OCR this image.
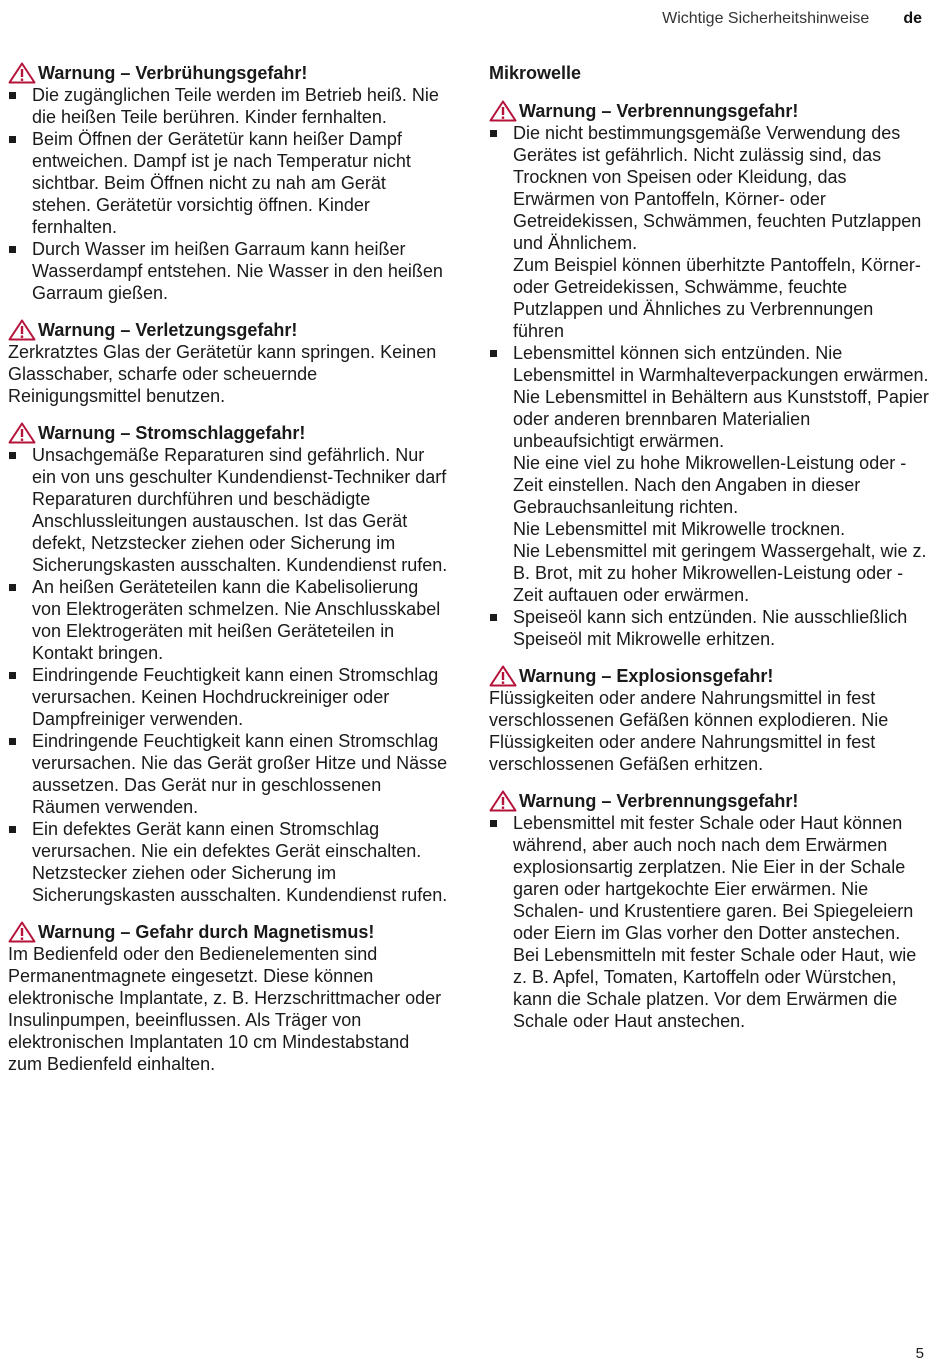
Wichtige Sicherheitshinweise de
Warnung – Verbrühungsgefahr!
Die zugänglichen Teile werden im Betrieb heiß. Nie die heißen Teile berühren. Kinder fernhalten.
Beim Öffnen der Gerätetür kann heißer Dampf entweichen. Dampf ist je nach Temperatur nicht sichtbar. Beim Öffnen nicht zu nah am Gerät stehen. Gerätetür vorsichtig öffnen. Kinder fernhalten.
Durch Wasser im heißen Garraum kann heißer Wasserdampf entstehen. Nie Wasser in den heißen Garraum gießen.
Warnung – Verletzungsgefahr!

Zerkratztes Glas der Gerätetür kann springen. Keinen Glasschaber, scharfe oder scheuernde Reinigungsmittel benutzen.

Warnung – Stromschlaggefahr!
Unsachgemäße Reparaturen sind gefährlich. Nur ein von uns geschulter Kundendienst-Techniker darf Reparaturen durchführen und beschädigte Anschlussleitungen austauschen. Ist das Gerät defekt, Netzstecker ziehen oder Sicherung im Sicherungskasten ausschalten. Kundendienst rufen.
An heißen Geräteteilen kann die Kabelisolierung von Elektrogeräten schmelzen. Nie Anschlusskabel von Elektrogeräten mit heißen Geräteteilen in Kontakt bringen.
Eindringende Feuchtigkeit kann einen Stromschlag verursachen. Keinen Hochdruckreiniger oder Dampfreiniger verwenden.
Eindringende Feuchtigkeit kann einen Stromschlag verursachen. Nie das Gerät großer Hitze und Nässe aussetzen. Das Gerät nur in geschlossenen Räumen verwenden.
Ein defektes Gerät kann einen Stromschlag verursachen. Nie ein defektes Gerät einschalten. Netzstecker ziehen oder Sicherung im Sicherungskasten ausschalten. Kundendienst rufen.
Warnung – Gefahr durch Magnetismus!

Im Bedienfeld oder den Bedienelementen sind Permanentmagnete eingesetzt. Diese können elektronische Implantate, z. B. Herzschrittmacher oder Insulinpumpen, beeinflussen. Als Träger von elektronischen Implantaten 10 cm Mindestabstand zum Bedienfeld einhalten.

Mikrowelle
Warnung – Verbrennungsgefahr!
Die nicht bestimmungsgemäße Verwendung des Gerätes ist gefährlich. Nicht zulässig sind, das Trocknen von Speisen oder Kleidung, das Erwärmen von Pantoffeln, Körner- oder Getreidekissen, Schwämmen, feuchten Putzlappen und Ähnlichem.
Zum Beispiel können überhitzte Pantoffeln, Körner- oder Getreidekissen, Schwämme, feuchte Putzlappen und Ähnliches zu Verbrennungen führen
Lebensmittel können sich entzünden. Nie Lebensmittel in Warmhalteverpackungen erwärmen.
Nie Lebensmittel in Behältern aus Kunststoff, Papier oder anderen brennbaren Materialien unbeaufsichtigt erwärmen.
Nie eine viel zu hohe Mikrowellen-Leistung oder -Zeit einstellen. Nach den Angaben in dieser Gebrauchsanleitung richten.
Nie Lebensmittel mit Mikrowelle trocknen.
Nie Lebensmittel mit geringem Wassergehalt, wie z. B. Brot, mit zu hoher Mikrowellen-Leistung oder -Zeit auftauen oder erwärmen.
Speiseöl kann sich entzünden. Nie ausschließlich Speiseöl mit Mikrowelle erhitzen.
Warnung – Explosionsgefahr!

Flüssigkeiten oder andere Nahrungsmittel in fest verschlossenen Gefäßen können explodieren. Nie Flüssigkeiten oder andere Nahrungsmittel in fest verschlossenen Gefäßen erhitzen.

Warnung – Verbrennungsgefahr!
Lebensmittel mit fester Schale oder Haut können während, aber auch noch nach dem Erwärmen explosionsartig zerplatzen. Nie Eier in der Schale garen oder hartgekochte Eier erwärmen. Nie Schalen- und Krustentiere garen. Bei Spiegeleiern oder Eiern im Glas vorher den Dotter anstechen. Bei Lebensmitteln mit fester Schale oder Haut, wie z. B. Apfel, Tomaten, Kartoffeln oder Würstchen, kann die Schale platzen. Vor dem Erwärmen die Schale oder Haut anstechen.
5
